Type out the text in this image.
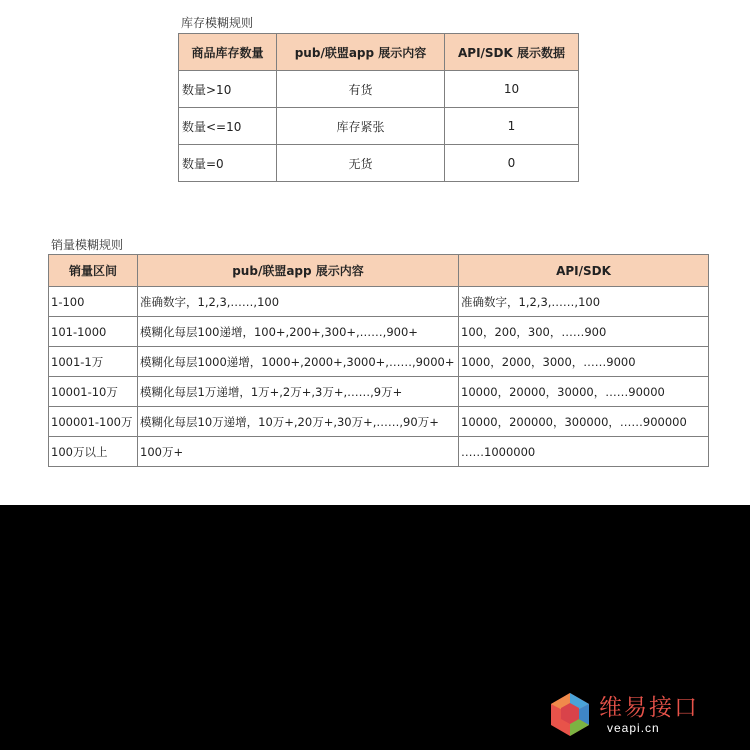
库存模糊规则
商品库存数量	pub/联盟app 展示内容	API/SDK 展示数据
数量>10	有货	10
数量<=10	库存紧张	1
数量=0	无货	0
销量模糊规则
销量区间	pub/联盟app 展示内容	API/SDK
1-100	准确数字，1,2,3,……,100	准确数字，1,2,3,……,100
101-1000	模糊化每层100递增，100+,200+,300+,……,900+	100，200，300，……900
1001-1万	模糊化每层1000递增，1000+,2000+,3000+,……,9000+	1000，2000，3000，……9000
10001-10万	模糊化每层1万递增，1万+,2万+,3万+,……,9万+	10000，20000，30000，……90000
100001-100万	模糊化每层10万递增，10万+,20万+,30万+,……,90万+	10000，200000，300000，……900000
100万以上	100万+	……1000000
维易接口
veapi.cn
